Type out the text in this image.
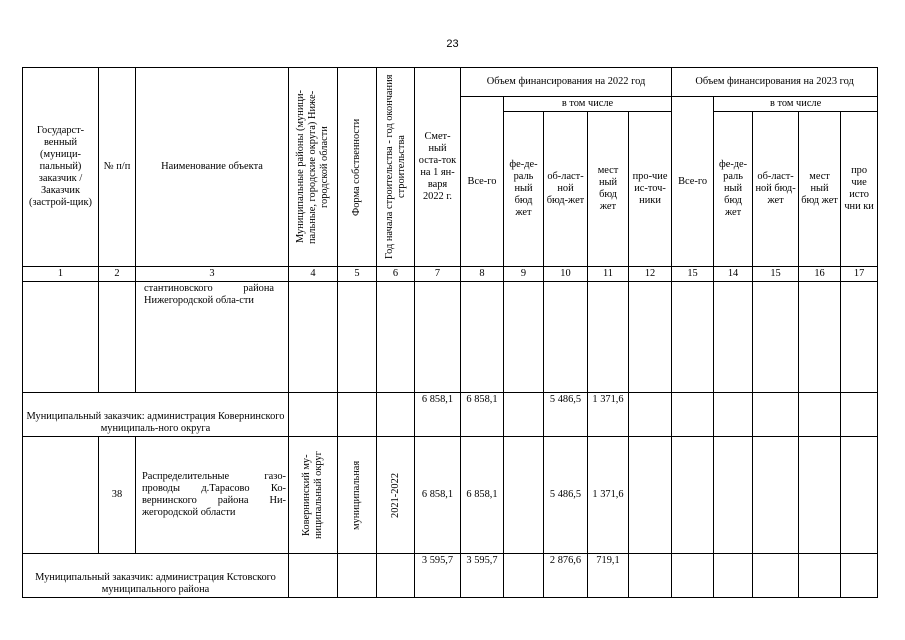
23
Государст-венный (муници-пальный) заказчик / Заказчик (застрой-щик)	№ п/п	Наименование объекта	Муниципальные районы (муници-пальные, городские округа) Ниже-городской области	Форма собственности	Год начала строительства - год окончания строительства	Смет-ный оста-ток на 1 ян-варя 2022 г.	Объем финансирования на 2022 год					Объем финансирования на 2023 год				
							Все-го	в том числе				Все-го	в том числе			
								фе-де-раль ный бюд жет	об-ласт-ной бюд-жет	мест ный бюд жет	про-чие ис-точ-ники		фе-де-раль ный бюд жет	об-ласт-ной бюд-жет	мест ный бюд жет	про чие исто чни ки
1	2	3	4	5	6	7	8	9	10	11	12	15	14	15	16	17
		стантиновского района Нижегородской обла-сти														
Муниципальный заказчик: администрация Ковернинского муниципаль-ного округа						6 858,1	6 858,1		5 486,5	1 371,6						
	38	Распределительные газо-проводы д.Тарасово Ко-вернинского района Ни-жегородской области	Ковернинский му-ниципальный округ	муниципальная	2021-2022	6 858,1	6 858,1		5 486,5	1 371,6						
Муниципальный заказчик: администрация Кстовского муниципального района						3 595,7	3 595,7		2 876,6	719,1						
